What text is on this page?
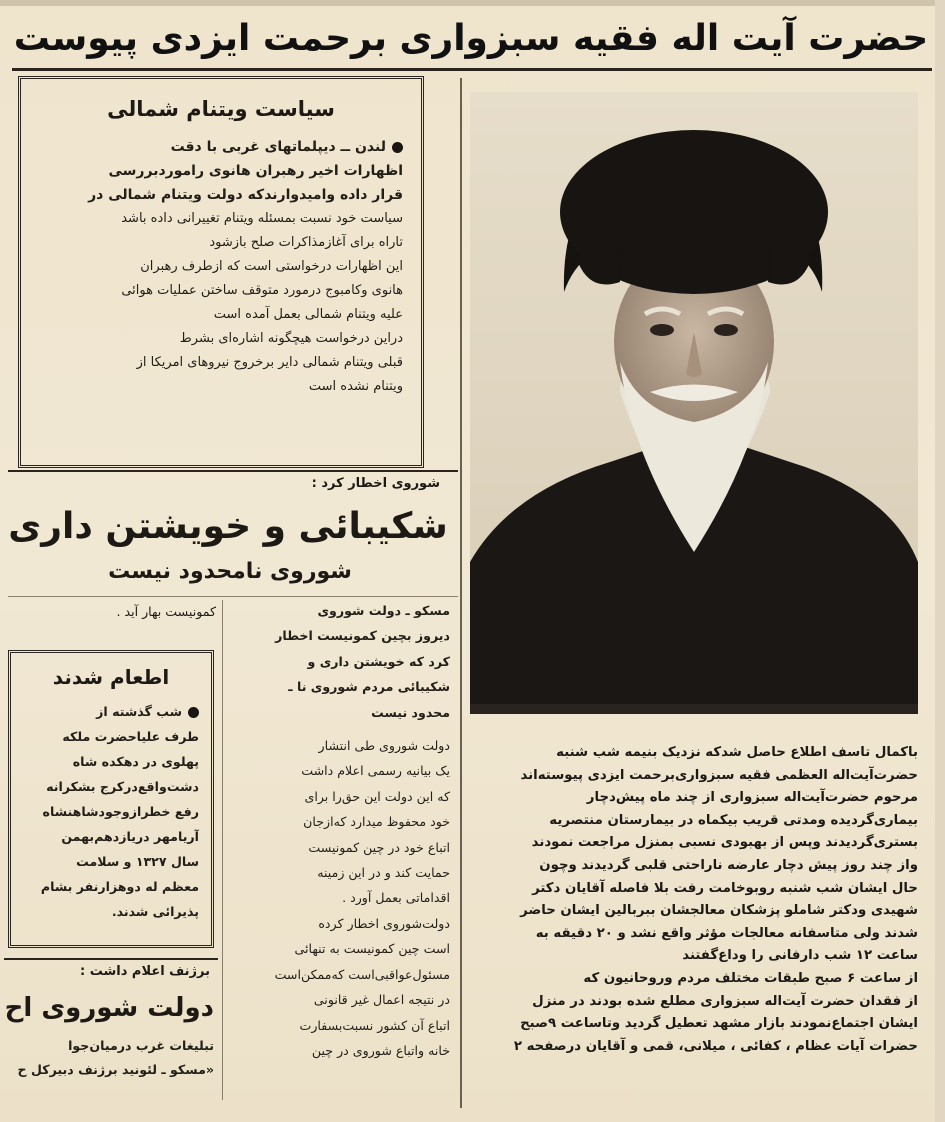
حضرت آیت اله فقیه سبزواری برحمت ایزدی پیوست
سیاست ویتنام شمالی
لندن ــ دیپلماتهای غربی با دقت
اظهارات اخیر رهبران هانوی راموردبررسی
قرار داده وامیدوارندکه دولت ویتنام شمالی در
سیاست خود نسبت بمسئله ویتنام تغییرانی داده باشد
تاراه برای آغازمذاکرات صلح بازشود
این اظهارات درخواستی است که ازطرف رهبران
هانوی وکامبوج درمورد متوقف ساختن عملیات هوائی
علیه ویتنام شمالی بعمل آمده است
دراین درخواست هیچگونه اشاره‌ای بشرط
قبلی ویتنام شمالی دایر برخروج نیروهای امریکا از
ویتنام نشده است
شوروی اخطار کرد :
شکیبائی و خویشتن داری
شوروی نامحدود نیست
مسکو ـ دولت شوروی
دیروز بچین کمونیست اخطار
کرد که خویشتن داری و
شکیبائی مردم شوروی نا ـ
محدود نیست
دولت شوروی طی انتشار
یک بیانیه رسمی اعلام داشت
که این دولت این حق‌را برای
خود محفوظ میدارد که‌ازجان
اتباع خود در چین کمونیست
حمایت کند و در این زمینه
اقداماتی بعمل آورد .
دولت‌شوروی اخطار کرده
است چین کمونیست به تنهائی
مسئول‌عواقبی‌است که‌ممکن‌است
در نتیجه اعمال غیر قانونی
اتباع آن کشور نسبت‌بسفارت
خانه واتباع شوروی در چین
کمونیست بهار آید .
اطعام شدند
شب گذشته از
طرف علیاحضرت ملکه
پهلوی در دهکده شاه
دشت‌واقع‌درکرج بشکرانه
رفع خطرازوجودشاهنشاه
آریامهر دریازدهم‌بهمن
سال ۱۳۲۷ و سلامت
معظم له دوهزارنفر بشام
پذیرائی شدند.
برژنف اعلام داشت :
دولت شوروی اح
تبلیغات غرب درمیان‌جوا
«مسکو ـ لئونید برژنف دبیرکل ح
باکمال تاسف اطلاع حاصل شدکه نزدیک بنیمه شب شنبه
حضرت‌آیت‌اله العظمی فقیه سبزواری‌برحمت ایزدی پیوسته‌اند
مرحوم حضرت‌آیت‌اله سبزواری از چند ماه پیش‌دچار
بیماری‌گردیده ومدتی قریب بیکماه در بیمارستان منتصریه
بستری‌گردیدند وپس از بهبودی نسبی بمنزل مراجعت نمودند
واز چند روز پیش دچار عارضه ناراحتی قلبی گردیدند وچون
حال ایشان شب شنبه روبوخامت رفت بلا فاصله آقایان دکتر
شهیدی ودکتر شاملو پزشکان معالجشان ببربالین ایشان حاضر
شدند ولی متاسفانه معالجات مؤثر واقع نشد و ۲۰ دقیقه به
ساعت ۱۲ شب دارفانی را وداع‌گفتند
از ساعت ۶ صبح طبقات مختلف مردم وروحانیون که
از فقدان حضرت آیت‌اله سبزواری مطلع شده بودند در منزل
ایشان اجتماع‌نمودند بازار مشهد تعطیل گردید وتاساعت ۹صبح
حضرات آیات عظام ، کفائی ، میلانی، قمی و آقایان درصفحه ۲
